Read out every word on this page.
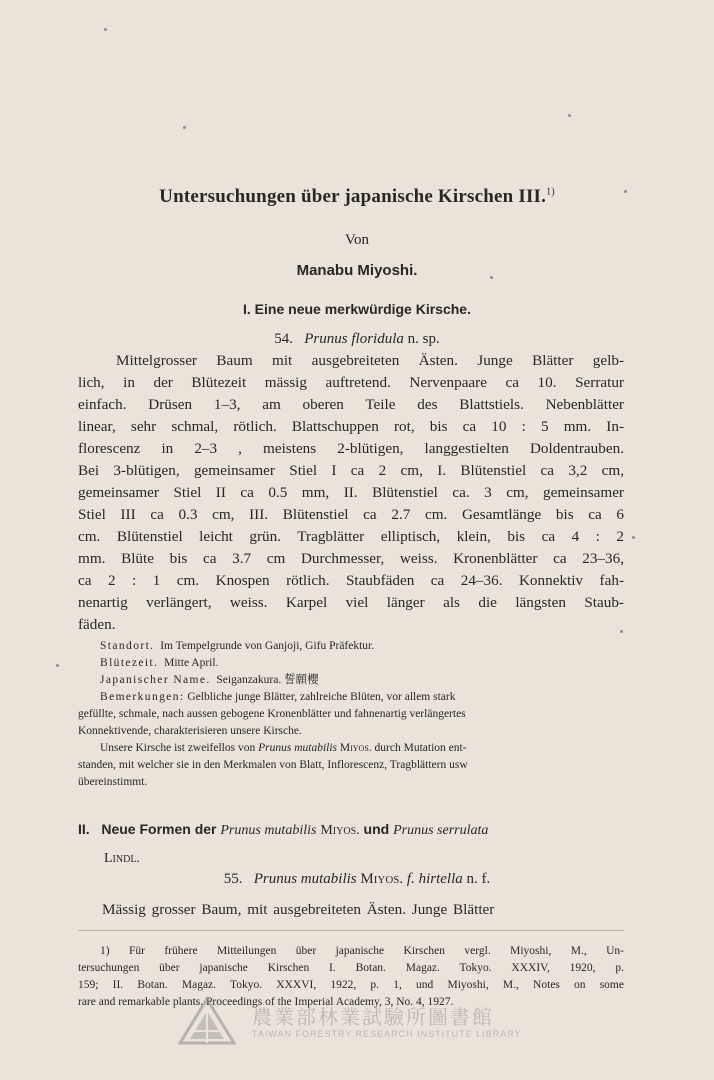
Untersuchungen über japanische Kirschen III.$^{1)}$
Von
Manabu Miyoshi.
I. Eine neue merkwürdige Kirsche.
54. Prunus floridula n. sp.
Mittelgrosser Baum mit ausgebreiteten Ästen. Junge Blätter gelb-
lich, in der Blütezeit mässig auftretend. Nervenpaare ca 10. Serratur
einfach. Drüsen 1–3, am oberen Teile des Blattstiels. Nebenblätter
linear, sehr schmal, rötlich. Blattschuppen rot, bis ca 10 : 5 mm. In-
florescenz in 2–3 , meistens 2-blütigen, langgestielten Doldentrauben.
Bei 3-blütigen, gemeinsamer Stiel I ca 2 cm, I. Blütenstiel ca 3,2 cm,
gemeinsamer Stiel II ca 0.5 mm, II. Blütenstiel ca. 3 cm, gemeinsamer
Stiel III ca 0.3 cm, III. Blütenstiel ca 2.7 cm. Gesamtlänge bis ca 6
cm. Blütenstiel leicht grün. Tragblätter elliptisch, klein, bis ca 4 : 2
mm. Blüte bis ca 3.7 cm Durchmesser, weiss. Kronenblätter ca 23–36,
ca 2 : 1 cm. Knospen rötlich. Staubfäden ca 24–36. Konnektiv fah-
nenartig verlängert, weiss. Karpel viel länger als die längsten Staub-
fäden.
Standort. Im Tempelgrunde von Ganjoji, Gifu Präfektur.
Blütezeit. Mitte April.
Japanischer Name. Seiganzakura. 誓願櫻
Bemerkungen: Gelbliche junge Blätter, zahlreiche Blüten, vor allem stark
gefüllte, schmale, nach aussen gebogene Kronenblätter und fahnenartig verlängertes
Konnektivende, charakterisieren unsere Kirsche.
Unsere Kirsche ist zweifellos von Prunus mutabilis Miyos. durch Mutation ent-
standen, mit welcher sie in den Merkmalen von Blatt, Inflorescenz, Tragblättern usw
übereinstimmt.
II. Neue Formen der Prunus mutabilis Miyos. und Prunus serrulata
Lindl.
55. Prunus mutabilis Miyos. f. hirtella n. f.
Mässig grosser Baum, mit ausgebreiteten Ästen. Junge Blätter
1) Für frühere Mitteilungen über japanische Kirschen vergl. Miyoshi, M., Un-
tersuchungen über japanische Kirschen I. Botan. Magaz. Tokyo. XXXIV, 1920, p.
159; II. Botan. Magaz. Tokyo. XXXVI, 1922, p. 1, und Miyoshi, M., Notes on some
rare and remarkable plants. Proceedings of the Imperial Academy, 3, No. 4, 1927.
農業部林業試驗所圖書館
TAIWAN FORESTRY RESEARCH INSTITUTE LIBRARY
